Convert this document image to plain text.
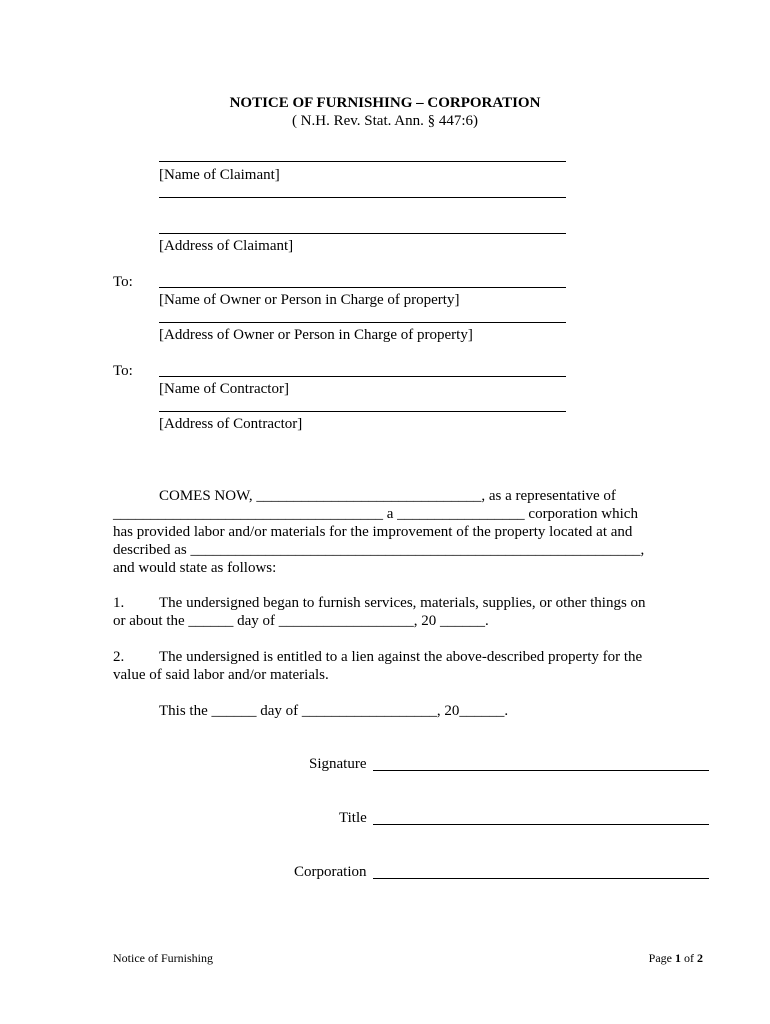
NOTICE OF FURNISHING – CORPORATION
( N.H. Rev. Stat. Ann. § 447:6)
[Name of Claimant]
[Address of Claimant]
To:
[Name of Owner or Person in Charge of property]
[Address of Owner or Person in Charge of property]
To:
[Name of Contractor]
[Address of Contractor]
COMES NOW, ______________________________, as a representative of
____________________________________ a _________________ corporation which
has provided labor and/or materials for the improvement of the property located at and
described as ____________________________________________________________,
and would state as follows:
1. The undersigned began to furnish services, materials, supplies, or other things on
or about the ______ day of __________________, 20 ______.
2. The undersigned is entitled to a lien against the above-described property for the
value of said labor and/or materials.
This the ______ day of __________________, 20______.
Signature
Title
Corporation
Notice of Furnishing	Page 1 of 2
